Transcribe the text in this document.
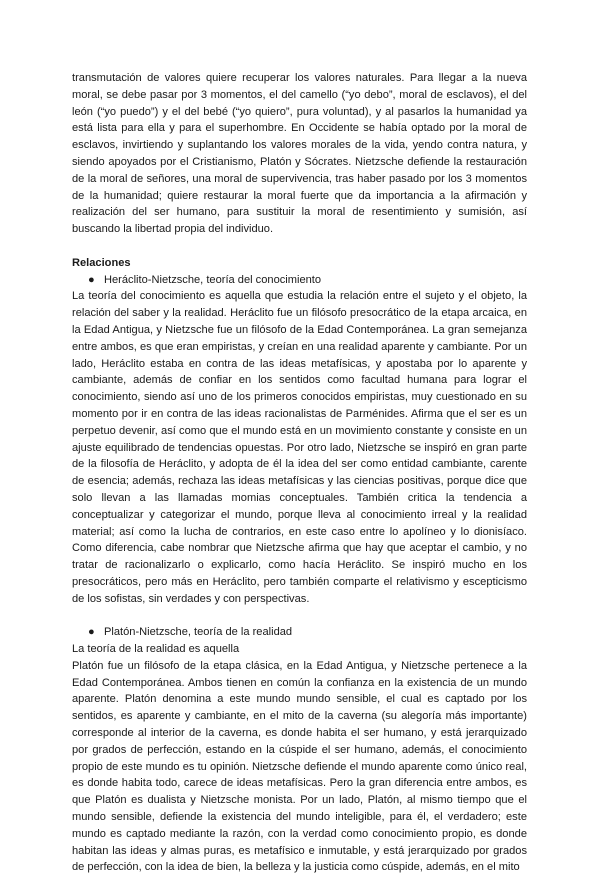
transmutación de valores quiere recuperar los valores naturales. Para llegar a la nueva moral, se debe pasar por 3 momentos, el del camello (“yo debo”, moral de esclavos), el del león (“yo puedo”) y el del bebé (“yo quiero”, pura voluntad), y al pasarlos la humanidad ya está lista para ella y para el superhombre. En Occidente se había optado por la moral de esclavos, invirtiendo y suplantando los valores morales de la vida, yendo contra natura, y siendo apoyados por el Cristianismo, Platón y Sócrates. Nietzsche defiende la restauración de la moral de señores, una moral de supervivencia, tras haber pasado por los 3 momentos de la humanidad; quiere restaurar la moral fuerte que da importancia a la afirmación y realización del ser humano, para sustituir la moral de resentimiento y sumisión, así buscando la libertad propia del individuo.

Relaciones

● Heráclito-Nietzsche, teoría del conocimiento

La teoría del conocimiento es aquella que estudia la relación entre el sujeto y el objeto, la relación del saber y la realidad. Heráclito fue un filósofo presocrático de la etapa arcaica, en la Edad Antigua, y Nietzsche fue un filósofo de la Edad Contemporánea. La gran semejanza entre ambos, es que eran empiristas, y creían en una realidad aparente y cambiante. Por un lado, Heráclito estaba en contra de las ideas metafísicas, y apostaba por lo aparente y cambiante, además de confiar en los sentidos como facultad humana para lograr el conocimiento, siendo así uno de los primeros conocidos empiristas, muy cuestionado en su momento por ir en contra de las ideas racionalistas de Parménides. Afirma que el ser es un perpetuo devenir, así como que el mundo está en un movimiento constante y consiste en un ajuste equilibrado de tendencias opuestas. Por otro lado, Nietzsche se inspiró en gran parte de la filosofía de Heráclito, y adopta de él la idea del ser como entidad cambiante, carente de esencia; además, rechaza las ideas metafísicas y las ciencias positivas, porque dice que solo llevan a las llamadas momias conceptuales. También critica la tendencia a conceptualizar y categorizar el mundo, porque lleva al conocimiento irreal y la realidad material; así como la lucha de contrarios, en este caso entre lo apolíneo y lo dionisíaco. Como diferencia, cabe nombrar que Nietzsche afirma que hay que aceptar el cambio, y no tratar de racionalizarlo o explicarlo, como hacía Heráclito. Se inspiró mucho en los presocráticos, pero más en Heráclito, pero también comparte el relativismo y escepticismo de los sofistas, sin verdades y con perspectivas.

● Platón-Nietzsche, teoría de la realidad

La teoría de la realidad es aquella

Platón fue un filósofo de la etapa clásica, en la Edad Antigua, y Nietzsche pertenece a la Edad Contemporánea. Ambos tienen en común la confianza en la existencia de un mundo aparente. Platón denomina a este mundo mundo sensible, el cual es captado por los sentidos, es aparente y cambiante, en el mito de la caverna (su alegoría más importante) corresponde al interior de la caverna, es donde habita el ser humano, y está jerarquizado por grados de perfección, estando en la cúspide el ser humano, además, el conocimiento propio de este mundo es tu opinión. Nietzsche defiende el mundo aparente como único real, es donde habita todo, carece de ideas metafísicas. Pero la gran diferencia entre ambos, es que Platón es dualista y Nietzsche monista. Por un lado, Platón, al mismo tiempo que el mundo sensible, defiende la existencia del mundo inteligible, para él, el verdadero; este mundo es captado mediante la razón, con la verdad como conocimiento propio, es donde habitan las ideas y almas puras, es metafísico e inmutable, y está jerarquizado por grados de perfección, con la idea de bien, la belleza y la justicia como cúspide, además, en el mito
